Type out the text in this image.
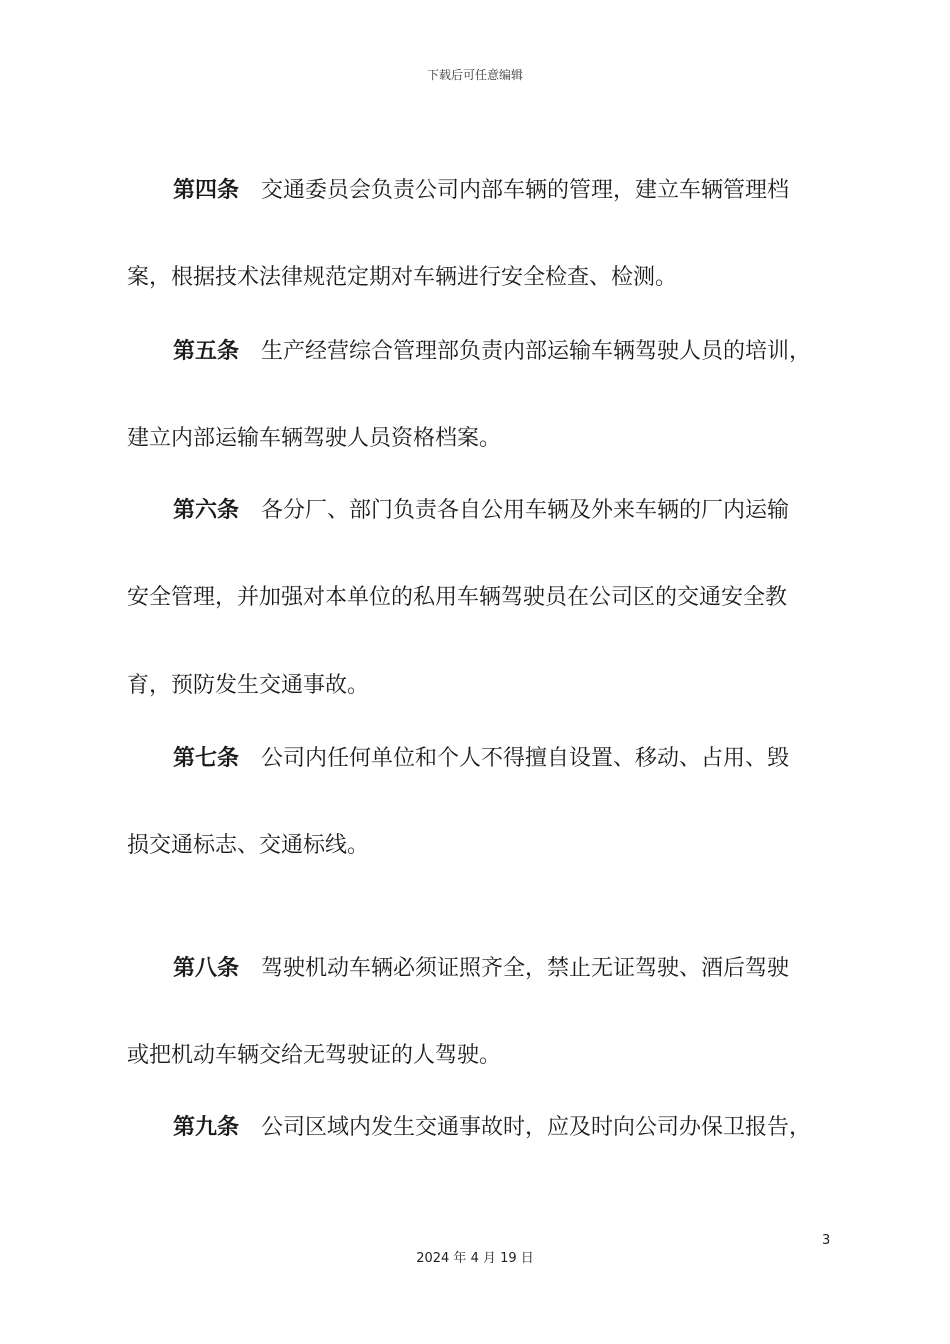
下载后可任意编辑
第四条 交通委员会负责公司内部车辆的管理，建立车辆管理档
案，根据技术法律规范定期对车辆进行安全检查、检测。
第五条 生产经营综合管理部负责内部运输车辆驾驶人员的培训，
建立内部运输车辆驾驶人员资格档案。
第六条 各分厂、部门负责各自公用车辆及外来车辆的厂内运输
安全管理，并加强对本单位的私用车辆驾驶员在公司区的交通安全教
育，预防发生交通事故。
第七条 公司内任何单位和个人不得擅自设置、移动、占用、毁
损交通标志、交通标线。
第八条 驾驶机动车辆必须证照齐全，禁止无证驾驶、酒后驾驶
或把机动车辆交给无驾驶证的人驾驶。
第九条 公司区域内发生交通事故时，应及时向公司办保卫报告，
3
2024 年 4 月 19 日
